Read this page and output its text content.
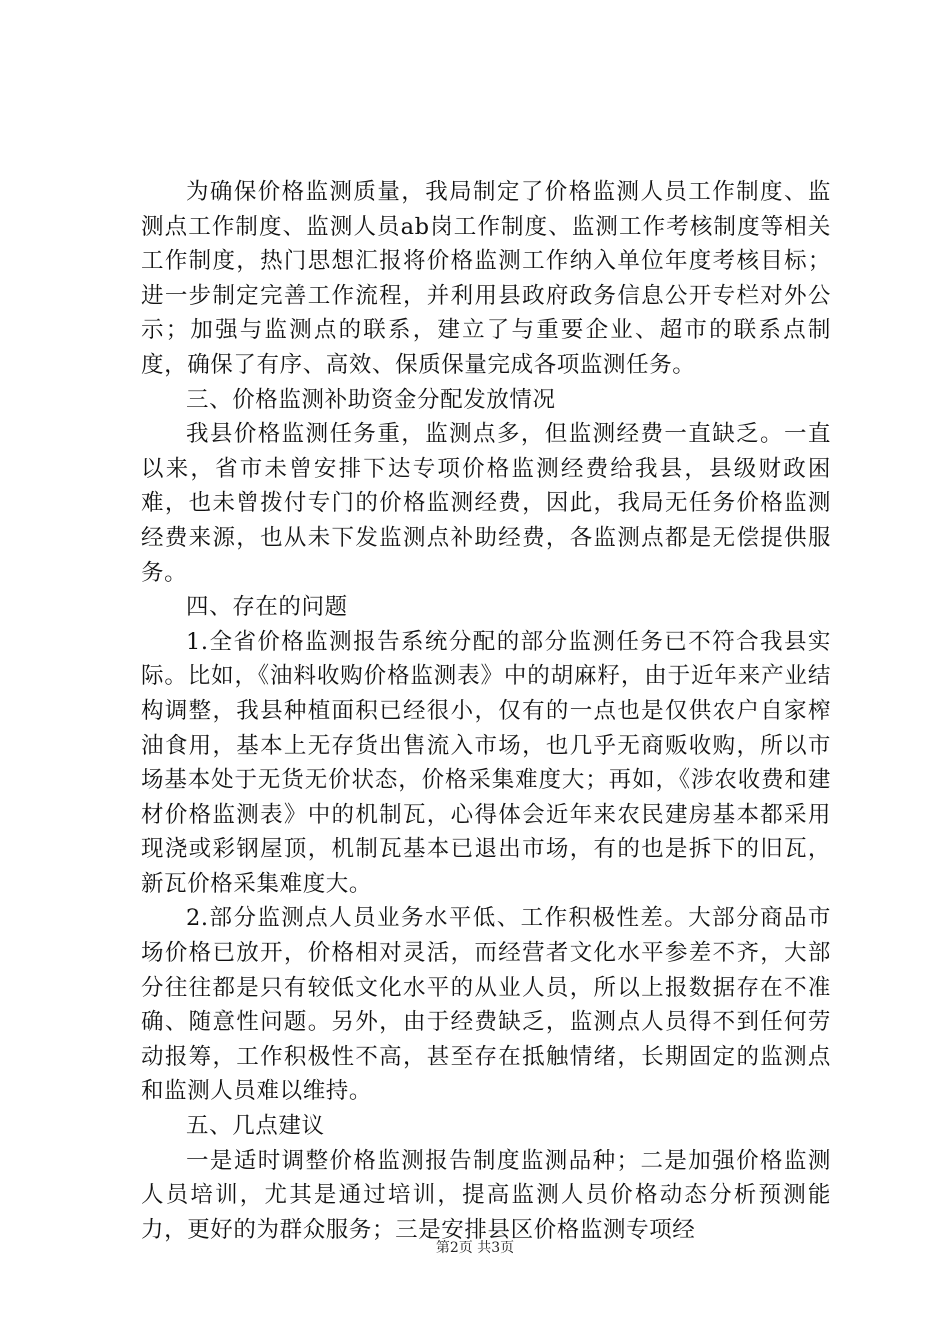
为确保价格监测质量，我局制定了价格监测人员工作制度、监测点工作制度、监测人员ab岗工作制度、监测工作考核制度等相关工作制度，热门思想汇报将价格监测工作纳入单位年度考核目标；进一步制定完善工作流程，并利用县政府政务信息公开专栏对外公示；加强与监测点的联系，建立了与重要企业、超市的联系点制度，确保了有序、高效、保质保量完成各项监测任务。

三、价格监测补助资金分配发放情况

我县价格监测任务重，监测点多，但监测经费一直缺乏。一直以来，省市未曾安排下达专项价格监测经费给我县，县级财政困难，也未曾拨付专门的价格监测经费，因此，我局无任务价格监测经费来源，也从未下发监测点补助经费，各监测点都是无偿提供服务。

四、存在的问题

1.全省价格监测报告系统分配的部分监测任务已不符合我县实际。比如，《油料收购价格监测表》中的胡麻籽，由于近年来产业结构调整，我县种植面积已经很小，仅有的一点也是仅供农户自家榨油食用，基本上无存货出售流入市场，也几乎无商贩收购，所以市场基本处于无货无价状态，价格采集难度大；再如，《涉农收费和建材价格监测表》中的机制瓦，心得体会近年来农民建房基本都采用现浇或彩钢屋顶，机制瓦基本已退出市场，有的也是拆下的旧瓦，新瓦价格采集难度大。

2.部分监测点人员业务水平低、工作积极性差。大部分商品市场价格已放开，价格相对灵活，而经营者文化水平参差不齐，大部分往往都是只有较低文化水平的从业人员，所以上报数据存在不准确、随意性问题。另外，由于经费缺乏，监测点人员得不到任何劳动报筹，工作积极性不高，甚至存在抵触情绪，长期固定的监测点和监测人员难以维持。

五、几点建议

一是适时调整价格监测报告制度监测品种；二是加强价格监测人员培训，尤其是通过培训，提高监测人员价格动态分析预测能力，更好的为群众服务；三是安排县区价格监测专项经

第2页 共3页
